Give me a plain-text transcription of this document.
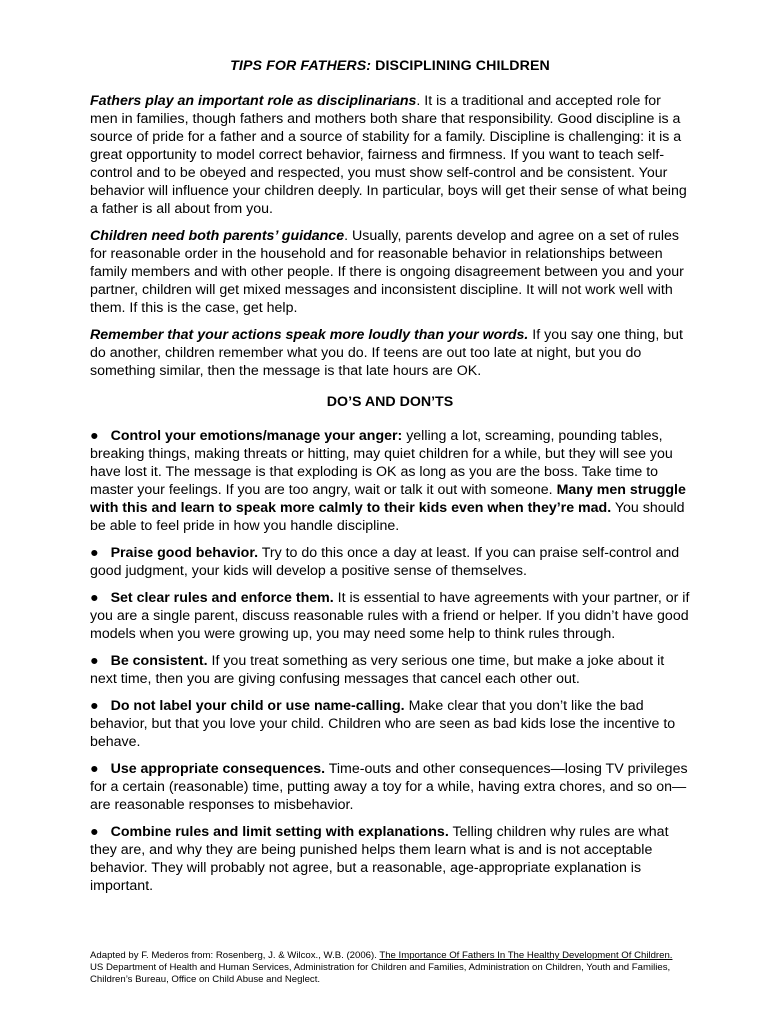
TIPS FOR FATHERS: DISCIPLINING CHILDREN

Fathers play an important role as disciplinarians. It is a traditional and accepted role for men in families, though fathers and mothers both share that responsibility. Good discipline is a source of pride for a father and a source of stability for a family. Discipline is challenging: it is a great opportunity to model correct behavior, fairness and firmness. If you want to teach self-control and to be obeyed and respected, you must show self-control and be consistent. Your behavior will influence your children deeply. In particular, boys will get their sense of what being a father is all about from you.

Children need both parents’ guidance. Usually, parents develop and agree on a set of rules for reasonable order in the household and for reasonable behavior in relationships between family members and with other people. If there is ongoing disagreement between you and your partner, children will get mixed messages and inconsistent discipline. It will not work well with them. If this is the case, get help.

Remember that your actions speak more loudly than your words. If you say one thing, but do another, children remember what you do. If teens are out too late at night, but you do something similar, then the message is that late hours are OK.

DO’S AND DON’TS

● Control your emotions/manage your anger: yelling a lot, screaming, pounding tables, breaking things, making threats or hitting, may quiet children for a while, but they will see you have lost it. The message is that exploding is OK as long as you are the boss. Take time to master your feelings. If you are too angry, wait or talk it out with someone. Many men struggle with this and learn to speak more calmly to their kids even when they’re mad. You should be able to feel pride in how you handle discipline.

● Praise good behavior. Try to do this once a day at least. If you can praise self-control and good judgment, your kids will develop a positive sense of themselves.

● Set clear rules and enforce them. It is essential to have agreements with your partner, or if you are a single parent, discuss reasonable rules with a friend or helper. If you didn’t have good models when you were growing up, you may need some help to think rules through.

● Be consistent. If you treat something as very serious one time, but make a joke about it next time, then you are giving confusing messages that cancel each other out.

● Do not label your child or use name-calling. Make clear that you don’t like the bad behavior, but that you love your child. Children who are seen as bad kids lose the incentive to behave.

● Use appropriate consequences. Time-outs and other consequences—losing TV privileges for a certain (reasonable) time, putting away a toy for a while, having extra chores, and so on—are reasonable responses to misbehavior.

● Combine rules and limit setting with explanations. Telling children why rules are what they are, and why they are being punished helps them learn what is and is not acceptable behavior. They will probably not agree, but a reasonable, age-appropriate explanation is important.

Adapted by F. Mederos from: Rosenberg, J. & Wilcox., W.B. (2006). The Importance Of Fathers In The Healthy Development Of Children. US Department of Health and Human Services, Administration for Children and Families, Administration on Children, Youth and Families, Children’s Bureau, Office on Child Abuse and Neglect.
